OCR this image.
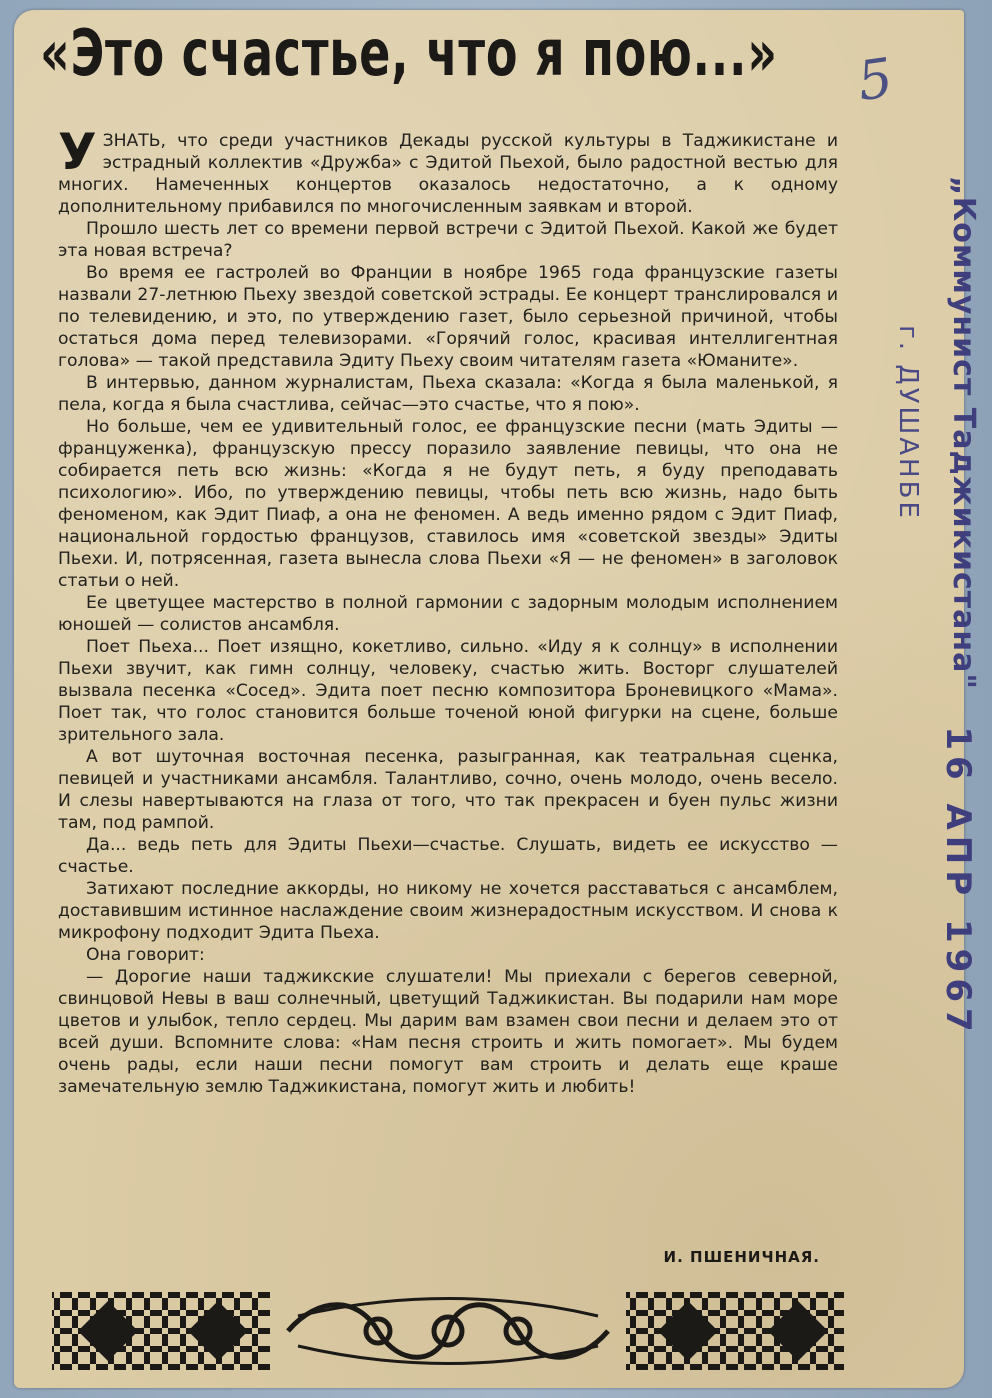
«Это счастье, что я пою...» 5

УЗНАТЬ, что среди участников Декады русской культуры в Таджикистане и эстрадный коллектив «Дружба» с Эдитой Пьехой, было радостной вестью для многих. Намеченных концертов оказалось недостаточно, а к одному дополнительному прибавился по многочисленным заявкам и второй.

Прошло шесть лет со времени первой встречи с Эдитой Пьехой. Какой же будет эта новая встреча?

Во время ее гастролей во Франции в ноябре 1965 года французские газеты назвали 27-летнюю Пьеху звездой советской эстрады. Ее концерт транслировался и по телевидению, и это, по утверждению газет, было серьезной причиной, чтобы остаться дома перед телевизорами. «Горячий голос, красивая интеллигентная голова» — такой представила Эдиту Пьеху своим читателям газета «Юманите».

В интервью, данном журналистам, Пьеха сказала: «Когда я была маленькой, я пела, когда я была счастлива, сейчас—это счастье, что я пою».

Но больше, чем ее удивительный голос, ее французские песни (мать Эдиты — француженка), французскую прессу поразило заявление певицы, что она не собирается петь всю жизнь: «Когда я не будут петь, я буду преподавать психологию». Ибо, по утверждению певицы, чтобы петь всю жизнь, надо быть феноменом, как Эдит Пиаф, а она не феномен. А ведь именно рядом с Эдит Пиаф, национальной гордостью французов, ставилось имя «советской звезды» Эдиты Пьехи. И, потрясенная, газета вынесла слова Пьехи «Я — не феномен» в заголовок статьи о ней.

Ее цветущее мастерство в полной гармонии с задорным молодым исполнением юношей — солистов ансамбля.

Поет Пьеха... Поет изящно, кокетливо, сильно. «Иду я к солнцу» в исполнении Пьехи звучит, как гимн солнцу, человеку, счастью жить. Восторг слушателей вызвала песенка «Сосед». Эдита поет песню композитора Броневицкого «Мама». Поет так, что голос становится больше точеной юной фигурки на сцене, больше зрительного зала.

А вот шуточная восточная песенка, разыгранная, как театральная сценка, певицей и участниками ансамбля. Талантливо, сочно, очень молодо, очень весело. И слезы навертываются на глаза от того, что так прекрасен и буен пульс жизни там, под рампой.

Да... ведь петь для Эдиты Пьехи—счастье. Слушать, видеть ее искусство — счастье.

Затихают последние аккорды, но никому не хочется расставаться с ансамблем, доставившим истинное наслаждение своим жизнерадостным искусством. И снова к микрофону подходит Эдита Пьеха.

Она говорит:

— Дорогие наши таджикские слушатели! Мы приехали с берегов северной, свинцовой Невы в ваш солнечный, цветущий Таджикистан. Вы подарили нам море цветов и улыбок, тепло сердец. Мы дарим вам взамен свои песни и делаем это от всей души. Вспомните слова: «Нам песня строить и жить помогает». Мы будем очень рады, если наши песни помогут вам строить и делать еще краше замечательную землю Таджикистана, помогут жить и любить!

И. ПШЕНИЧНАЯ.
„Коммунист Таджикистана"
г. ДУШАНБЕ
16 АПР 1967
